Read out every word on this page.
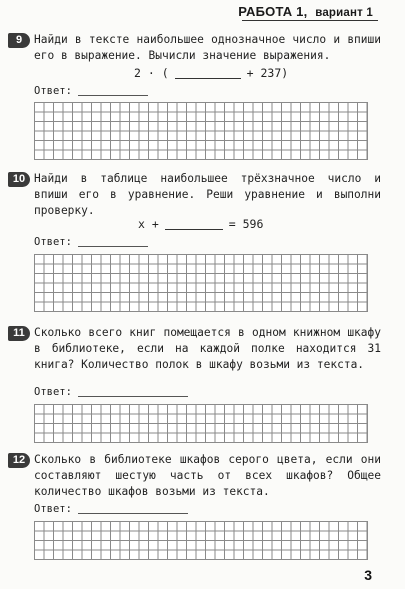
РАБОТА 1, вариант 1
9	Найди в тексте наибольшее однозначное число и впиши его в выражение. Вычисли значение выражения.
2 · (	+ 237)
Ответ:
10 Найди в таблице наибольшее трёхзначное число и впиши его в уравнение. Реши уравнение и выполни проверку.
x +	= 596
Ответ:
11 Сколько всего книг помещается в одном книжном шкафу в библиотеке, если на каждой полке находится 31 книга? Количество полок в шкафу возьми из текста.
Ответ:
12 Сколько в библиотеке шкафов серого цвета, если они составляют шестую часть от всех шкафов? Общее количество шкафов возьми из текста.
Ответ:
3
